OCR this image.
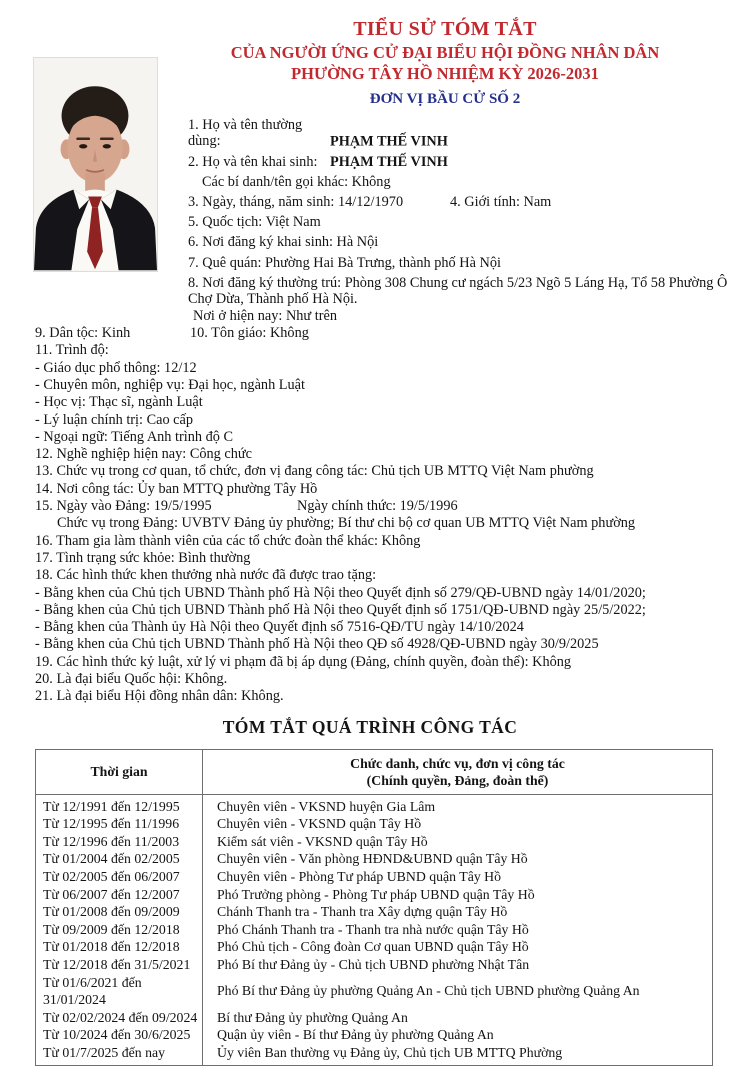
TIỂU SỬ TÓM TẮT
CỦA NGƯỜI ỨNG CỬ ĐẠI BIỂU HỘI ĐỒNG NHÂN DÂN
PHƯỜNG TÂY HỒ NHIỆM KỲ 2026-2031
ĐƠN VỊ BẦU CỬ SỐ 2
1. Họ và tên thường dùng:	PHẠM THẾ VINH
2. Họ và tên khai sinh: PHẠM THẾ VINH
Các bí danh/tên gọi khác: Không
3. Ngày, tháng, năm sinh: 14/12/1970	4. Giới tính: Nam
5. Quốc tịch: Việt Nam
6. Nơi đăng ký khai sinh: Hà Nội
7. Quê quán: Phường Hai Bà Trưng, thành phố Hà Nội
8. Nơi đăng ký thường trú: Phòng 308 Chung cư ngách 5/23 Ngõ 5 Láng Hạ, Tổ 58 Phường Ô Chợ Dừa, Thành phố Hà Nội.
Nơi ở hiện nay: Như trên
9. Dân tộc: Kinh	10. Tôn giáo: Không
11. Trình độ:
- Giáo dục phổ thông: 12/12
- Chuyên môn, nghiệp vụ: Đại học, ngành Luật
- Học vị: Thạc sĩ, ngành Luật
- Lý luận chính trị: Cao cấp
- Ngoại ngữ: Tiếng Anh trình độ C
12. Nghề nghiệp hiện nay: Công chức
13. Chức vụ trong cơ quan, tổ chức, đơn vị đang công tác: Chủ tịch UB MTTQ Việt Nam phường
14. Nơi công tác: Ủy ban MTTQ phường Tây Hồ
15. Ngày vào Đảng: 19/5/1995	Ngày chính thức: 19/5/1996
Chức vụ trong Đảng: UVBTV Đảng ủy phường; Bí thư chi bộ cơ quan UB MTTQ Việt Nam phường
16. Tham gia làm thành viên của các tổ chức đoàn thể khác: Không
17. Tình trạng sức khỏe: Bình thường
18. Các hình thức khen thưởng nhà nước đã được trao tặng:
- Bằng khen của Chủ tịch UBND Thành phố Hà Nội theo Quyết định số 279/QĐ-UBND ngày 14/01/2020;
- Bằng khen của Chủ tịch UBND Thành phố Hà Nội theo Quyết định số 1751/QĐ-UBND ngày 25/5/2022;
- Bằng khen của Thành ủy Hà Nội theo Quyết định số 7516-QĐ/TU ngày 14/10/2024
- Bằng khen của Chủ tịch UBND Thành phố Hà Nội theo QĐ số 4928/QĐ-UBND ngày 30/9/2025
19. Các hình thức kỷ luật, xử lý vi phạm đã bị áp dụng (Đảng, chính quyền, đoàn thể): Không
20. Là đại biểu Quốc hội: Không.
21. Là đại biểu Hội đồng nhân dân: Không.
TÓM TẮT QUÁ TRÌNH CÔNG TÁC
Thời gian	Chức danh, chức vụ, đơn vị công tác
(Chính quyền, Đảng, đoàn thể)

Từ 12/1991 đến 12/1995	Chuyên viên - VKSND huyện Gia Lâm
Từ 12/1995 đến 11/1996	Chuyên viên - VKSND quận Tây Hồ
Từ 12/1996 đến 11/2003	Kiểm sát viên - VKSND quận Tây Hồ
Từ 01/2004 đến 02/2005	Chuyên viên - Văn phòng HĐND&UBND quận Tây Hồ
Từ 02/2005 đến 06/2007	Chuyên viên - Phòng Tư pháp UBND quận Tây Hồ
Từ 06/2007 đến 12/2007	Phó Trưởng phòng - Phòng Tư pháp UBND quận Tây Hồ
Từ 01/2008 đến 09/2009	Chánh Thanh tra - Thanh tra Xây dựng quận Tây Hồ
Từ 09/2009 đến 12/2018	Phó Chánh Thanh tra - Thanh tra nhà nước quận Tây Hồ
Từ 01/2018 đến 12/2018	Phó Chủ tịch - Công đoàn Cơ quan UBND quận Tây Hồ
Từ 12/2018 đến 31/5/2021	Phó Bí thư Đảng ủy - Chủ tịch UBND phường Nhật Tân
Từ 01/6/2021 đến 31/01/2024	Phó Bí thư Đảng ủy phường Quảng An - Chủ tịch UBND phường Quảng An
Từ 02/02/2024 đến 09/2024	Bí thư Đảng ủy phường Quảng An
Từ 10/2024 đến 30/6/2025	Quận ủy viên - Bí thư Đảng ủy phường Quảng An
Từ 01/7/2025 đến nay	Ủy viên Ban thường vụ Đảng ủy, Chủ tịch UB MTTQ Phường
